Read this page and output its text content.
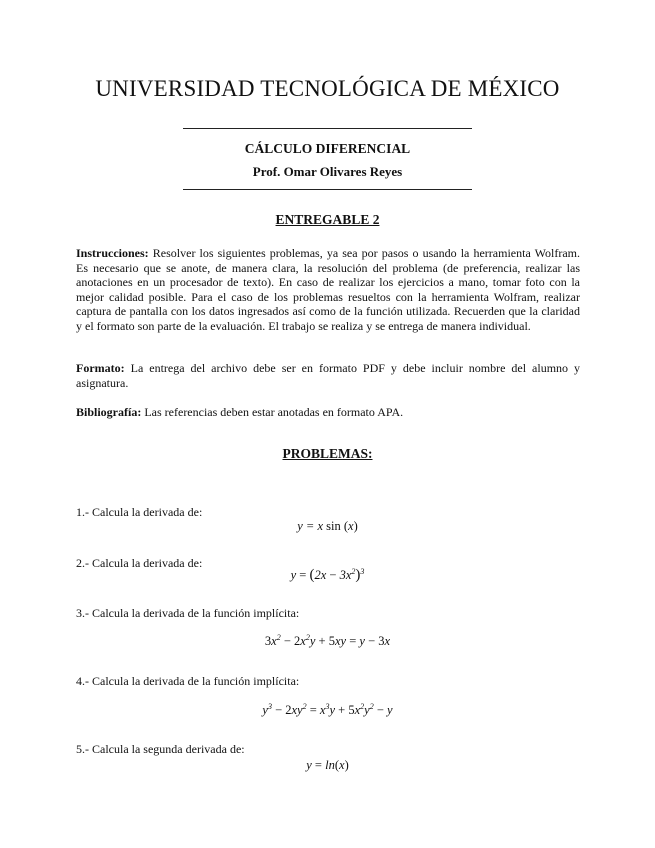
UNIVERSIDAD TECNOLÓGICA DE MÉXICO
CÁLCULO DIFERENCIAL
Prof. Omar Olivares Reyes
ENTREGABLE 2
Instrucciones: Resolver los siguientes problemas, ya sea por pasos o usando la herramienta Wolfram. Es necesario que se anote, de manera clara, la resolución del problema (de preferencia, realizar las anotaciones en un procesador de texto). En caso de realizar los ejercicios a mano, tomar foto con la mejor calidad posible. Para el caso de los problemas resueltos con la herramienta Wolfram, realizar captura de pantalla con los datos ingresados así como de la función utilizada. Recuerden que la claridad y el formato son parte de la evaluación. El trabajo se realiza y se entrega de manera individual.
Formato: La entrega del archivo debe ser en formato PDF y debe incluir nombre del alumno y asignatura.
Bibliografía: Las referencias deben estar anotadas en formato APA.
PROBLEMAS:
1.- Calcula la derivada de:
y = x sin (x)
2.- Calcula la derivada de:
$y = (2x - 3x^2)^3$
3.- Calcula la derivada de la función implícita:
$3x^2 - 2x^2y + 5xy = y - 3x$
4.- Calcula la derivada de la función implícita:
$y^3 - 2xy^2 = x^3y + 5x^2y^2 - y$
5.- Calcula la segunda derivada de:
y = ln(x)
